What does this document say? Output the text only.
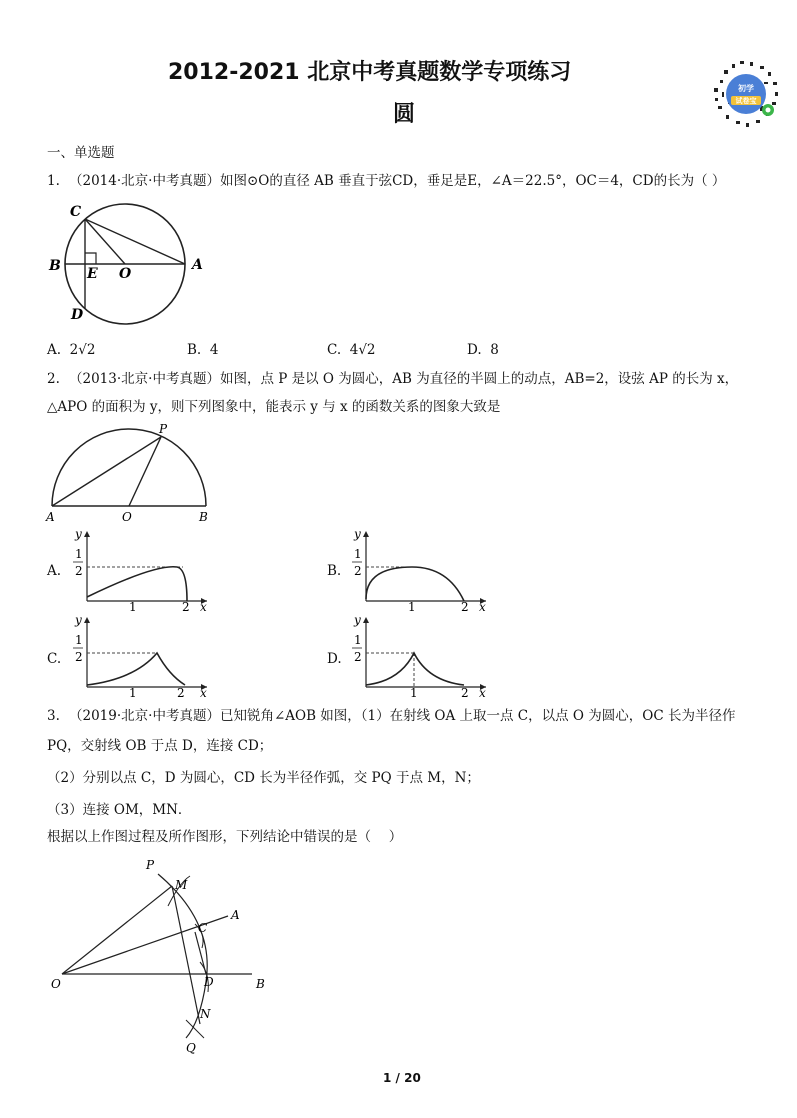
2012-2021 北京中考真题数学专项练习
圆
初学
试卷宝
一、单选题
1. （2014·北京·中考真题）如图⊙O的直径 AB 垂直于弦CD，垂足是E，∠A＝22.5°，OC＝4，CD的长为（ ）
C
B E O
A
D
A. 2√2	B. 4	C. 4√2	D. 8
2. （2013·北京·中考真题）如图，点 P 是以 O 为圆心，AB 为直径的半圆上的动点，AB=2，设弦 AP 的长为 x，
△APO 的面积为 y，则下列图象中，能表示 y 与 x 的函数关系的图象大致是
P
A	O	B
A.
y
1
2
1	2 x
B.
y
1
2
1	2 x
C.
y
1
2
1	2 x
D.
y
1
2
1	2 x
3. （2019·北京·中考真题）已知锐角∠AOB 如图，（1）在射线 OA 上取一点 C，以点 O 为圆心，OC 长为半径作
PQ，交射线 OB 于点 D，连接 CD；
（2）分别以点 C，D 为圆心，CD 长为半径作弧，交 PQ 于点 M，N；
（3）连接 OM，MN．
根据以上作图过程及所作图形，下列结论中错误的是（　 ）
P
M
A
C
O	D	B
N
Q
1 / 20
